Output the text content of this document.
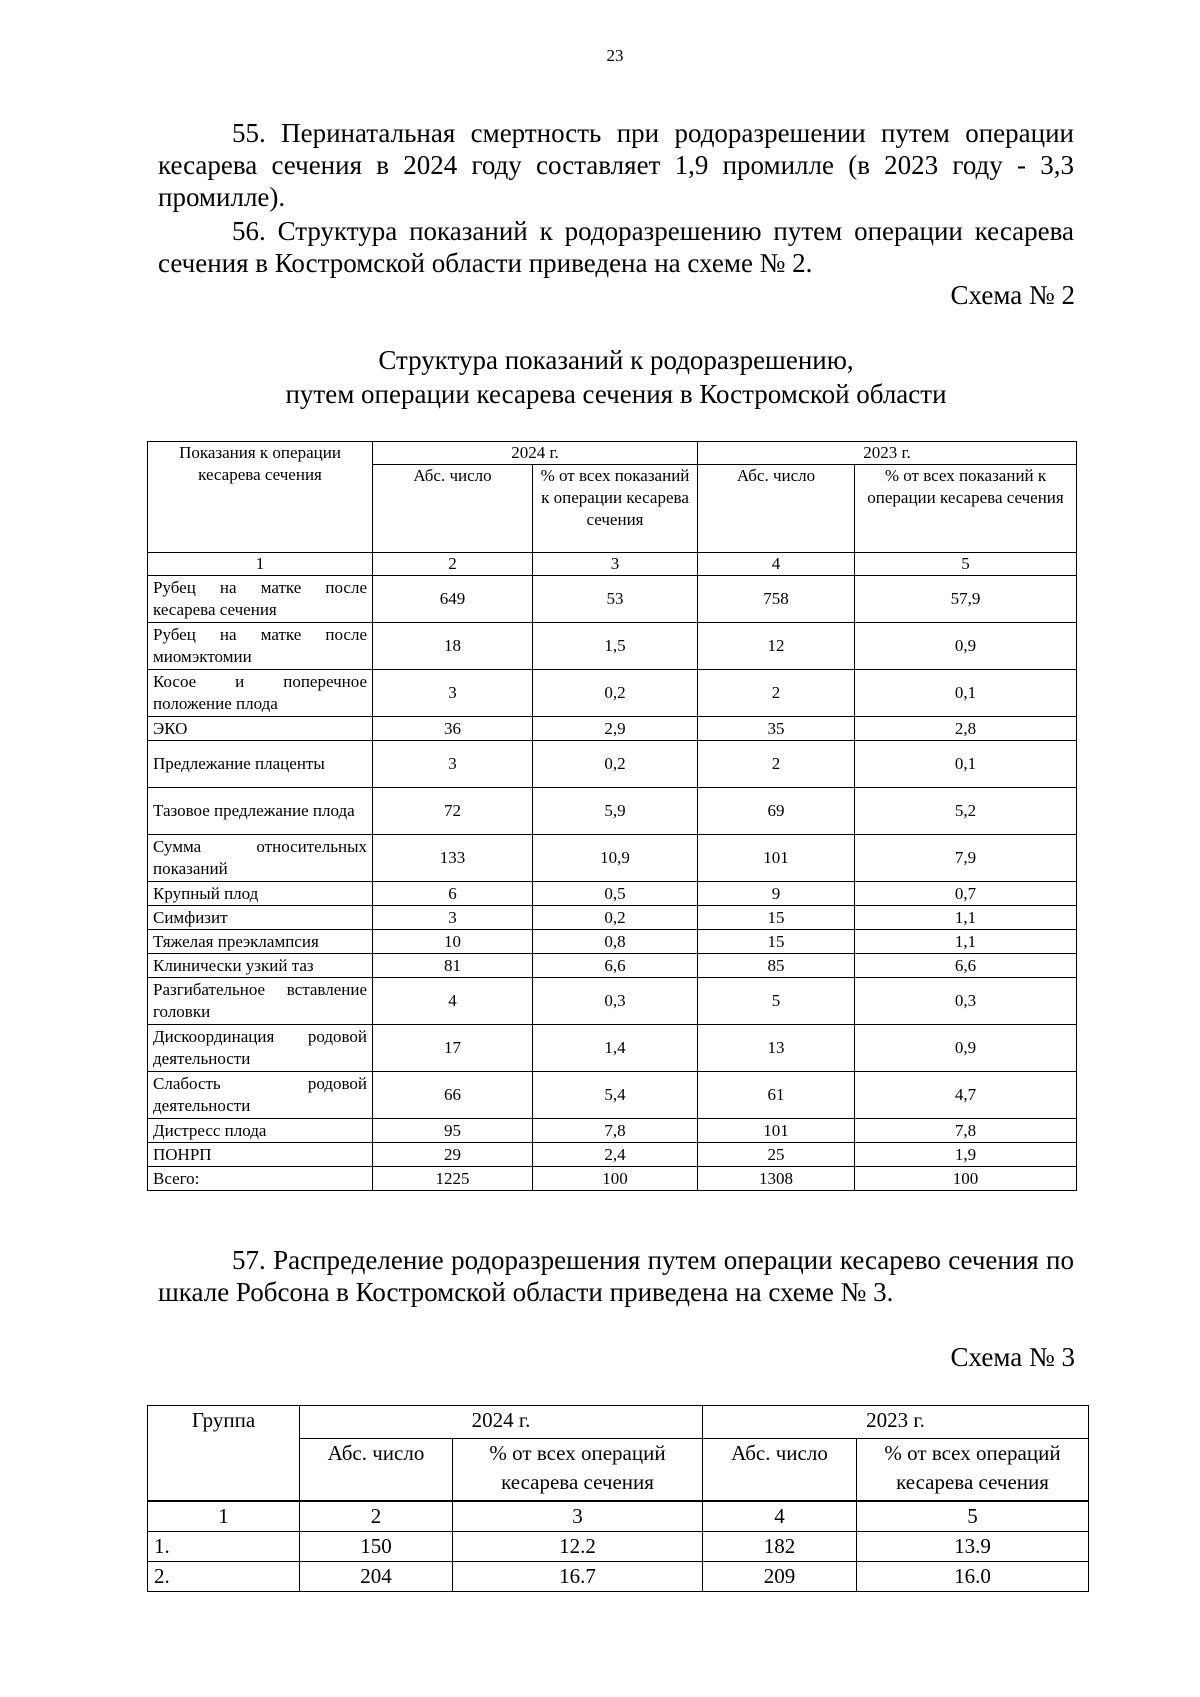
23

55. Перинатальная смертность при родоразрешении путем операции кесарева сечения в 2024 году составляет 1,9 промилле (в 2023 году - 3,3 промилле).

56. Структура показаний к родоразрешению путем операции кесарева сечения в Костромской области приведена на схеме № 2.

Схема № 2
Структура показаний к родоразрешению,
путем операции кесарева сечения в Костромской области
Показания к операции кесарева сечения	2024 г.		2023 г.	
	Абс. число	% от всех показаний к операции кесарева сечения	Абс. число	% от всех показаний к операции кесарева сечения
1	2	3	4	5
Рубец на матке после кесарева сечения	649	53	758	57,9
Рубец на матке после миомэктомии	18	1,5	12	0,9
Косое и поперечное положение плода	3	0,2	2	0,1
ЭКО	36	2,9	35	2,8
Предлежание плаценты	3	0,2	2	0,1
Тазовое предлежание плода	72	5,9	69	5,2
Сумма относительных показаний	133	10,9	101	7,9
Крупный плод	6	0,5	9	0,7
Симфизит	3	0,2	15	1,1
Тяжелая преэклампсия	10	0,8	15	1,1
Клинически узкий таз	81	6,6	85	6,6
Разгибательное вставление головки	4	0,3	5	0,3
Дискоординация родовой деятельности	17	1,4	13	0,9
Слабость родовой деятельности	66	5,4	61	4,7
Дистресс плода	95	7,8	101	7,8
ПОНРП	29	2,4	25	1,9
Всего:	1225	100	1308	100

57. Распределение родоразрешения путем операции кесарево сечения по шкале Робсона в Костромской области приведена на схеме № 3.

Схема № 3
Группа	2024 г.		2023 г.	
	Абс. число	% от всех операций кесарева сечения	Абс. число	% от всех операций кесарева сечения
1	2	3	4	5
1.	150	12.2	182	13.9
2.	204	16.7	209	16.0
